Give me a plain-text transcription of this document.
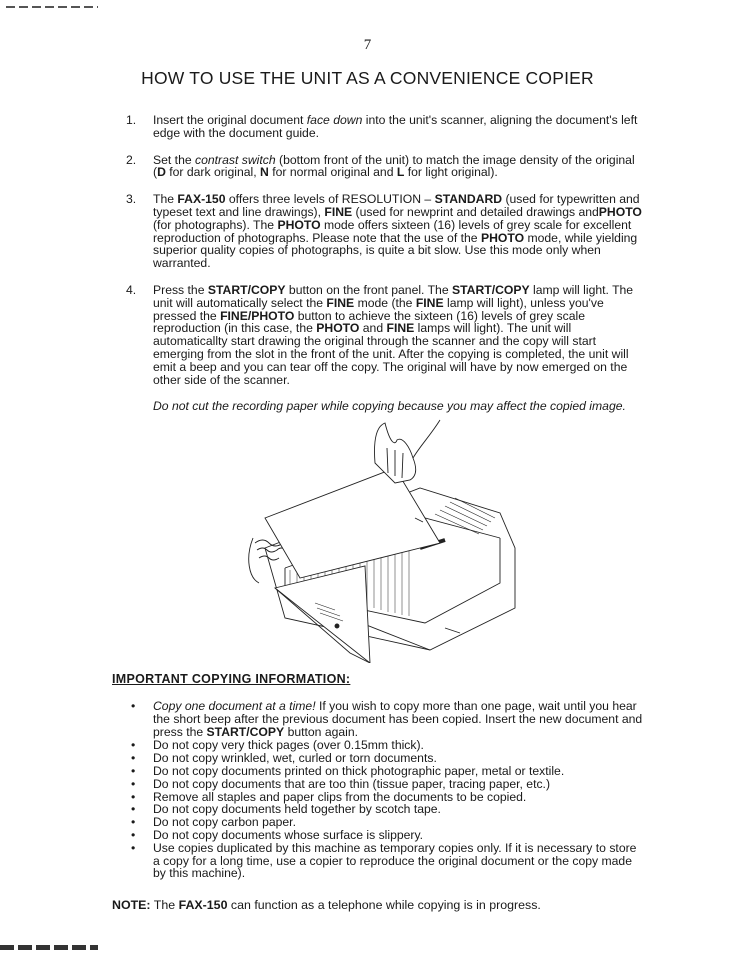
7
HOW TO USE THE UNIT AS A CONVENIENCE COPIER
1. Insert the original document face down into the unit's scanner, aligning the document's left edge with the document guide.
2. Set the contrast switch (bottom front of the unit) to match the image density of the original (D for dark original, N for normal original and L for light original).
3. The FAX-150 offers three levels of RESOLUTION – STANDARD (used for typewritten and typeset text and line drawings), FINE (used for newprint and detailed drawings andPHOTO (for photographs). The PHOTO mode offers sixteen (16) levels of grey scale for excellent reproduction of photographs. Please note that the use of the PHOTO mode, while yielding superior quality copies of photographs, is quite a bit slow. Use this mode only when warranted.
4. Press the START/COPY button on the front panel. The START/COPY lamp will light. The unit will automatically select the FINE mode (the FINE lamp will light), unless you've pressed the FINE/PHOTO button to achieve the sixteen (16) levels of grey scale reproduction (in this case, the PHOTO and FINE lamps will light). The unit will automaticallty start drawing the original through the scanner and the copy will start emerging from the slot in the front of the unit. After the copying is completed, the unit will emit a beep and you can tear off the copy. The original will have by now emerged on the other side of the scanner.
Do not cut the recording paper while copying because you may affect the copied image.
IMPORTANT COPYING INFORMATION:
• Copy one document at a time! If you wish to copy more than one page, wait until you hear the short beep after the previous document has been copied. Insert the new document and press the START/COPY button again.
• Do not copy very thick pages (over 0.15mm thick).
• Do not copy wrinkled, wet, curled or torn documents.
• Do not copy documents printed on thick photographic paper, metal or textile.
• Do not copy documents that are too thin (tissue paper, tracing paper, etc.)
• Remove all staples and paper clips from the documents to be copied.
• Do not copy documents held together by scotch tape.
• Do not copy carbon paper.
• Do not copy documents whose surface is slippery.
• Use copies duplicated by this machine as temporary copies only. If it is necessary to store a copy for a long time, use a copier to reproduce the original document or the copy made by this machine).
NOTE: The FAX-150 can function as a telephone while copying is in progress.
